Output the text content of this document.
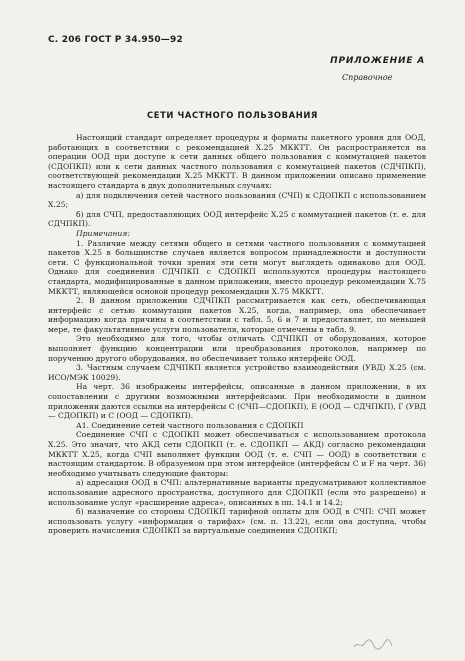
С. 206 ГОСТ Р 34.950—92
ПРИЛОЖЕНИЕ А
Справочное
СЕТИ ЧАСТНОГО ПОЛЬЗОВАНИЯ

Настоящий стандарт определяет процедуры и форматы пакетного уровня для ООД, работающих в соответствии с рекомендацией Х.25 МККТТ. Он распространяется на операции ООД при доступе к сети данных общего пользования с коммутацией пакетов (СДОПКП) или к сети данных частного пользования с коммутацией пакетов (СДЧПКП), соответствующей рекомендации Х.25 МККТТ. В данном приложении описано применение настоящего стандарта в двух дополнительных случаях:

а) для подключения сетей частного пользования (СЧП) к СДОПКП с использованием Х.25;

б) для СЧП, предоставляющих ООД интерфейс Х.25 с коммутацией пакетов (т. е. для СДЧПКП).

Примечания:

1. Различие между сетями общего и сетями частного пользования с коммутацией пакетов Х.25 в большинстве случаев является вопросом принадлежности и доступности сети. С функциональной точки зрения эти сети могут выглядеть одинаково для ООД. Однако для соединения СДЧПКП с СДОПКП используются процедуры настоящего стандарта, модифицированные в данном приложении, вместо процедур рекомендации Х.75 МККТТ, являющейся основой процедур рекомендации Х.75 МККТТ.

2. В данном приложении СДЧПКП рассматривается как сеть, обеспечивающая интерфейс с сетью коммутации пакетов Х.25, когда, например, она обеспечивает информацию когда причины в соответствии с табл. 5, 6 и 7 и предоставляет, по меньшей мере, те факультативные услуги пользователя, которые отмечены в табл. 9.

Это необходимо для того, чтобы отличать СДЧПКП от оборудования, которое выполняет функцию концентрации или преобразования протоколов, например по поручению другого оборудования, но обеспечивает только интерфейс ООД.

3. Частным случаем СДЧПКП является устройство взаимодействия (УВД) Х.25 (см. ИСО/МЭК 10029).

На черт. 36 изображены интерфейсы, описанные в данном приложении, в их сопоставлении с другими возможными интерфейсами. При необходимости в данном приложении даются ссылки на интерфейсы С (СЧП—СДОПКП), Е (ООД — СДЧПКП), Г (УВД — СДОПКП) и С (ООД — СДОПКП).

А1. Соединение сетей частного пользования с СДОПКП

Соединение СЧП с СДОПКП может обеспечиваться с использованием протокола Х.25. Это значит, что АКД сети СДОПКП (т. е. СДОПКП — АКД) согласно рекомендации МККТТ Х.25, когда СЧП выполняет функции ООД (т. е. СЧП — ООД) в соответствии с настоящим стандартом. В образуемом при этом интерфейсе (интерфейсы С и F на черт. 36) необходимо учитывать следующие факторы:

а) адресация ООД в СЧП: альтернативные варианты предусматривают коллективное использование адресного пространства, доступного для СДОПКП (если это разрешено) и использование услуг «расширение адреса», описанных в пп. 14.1 и 14.2;

б) назначение со стороны СДОПКП тарифной оплаты для ООД в СЧП: СЧП может использовать услугу «информация о тарифах» (см. п. 13.22), если она доступна, чтобы проверить начисления СДОПКП за виртуальные соединения СДОПКП;
